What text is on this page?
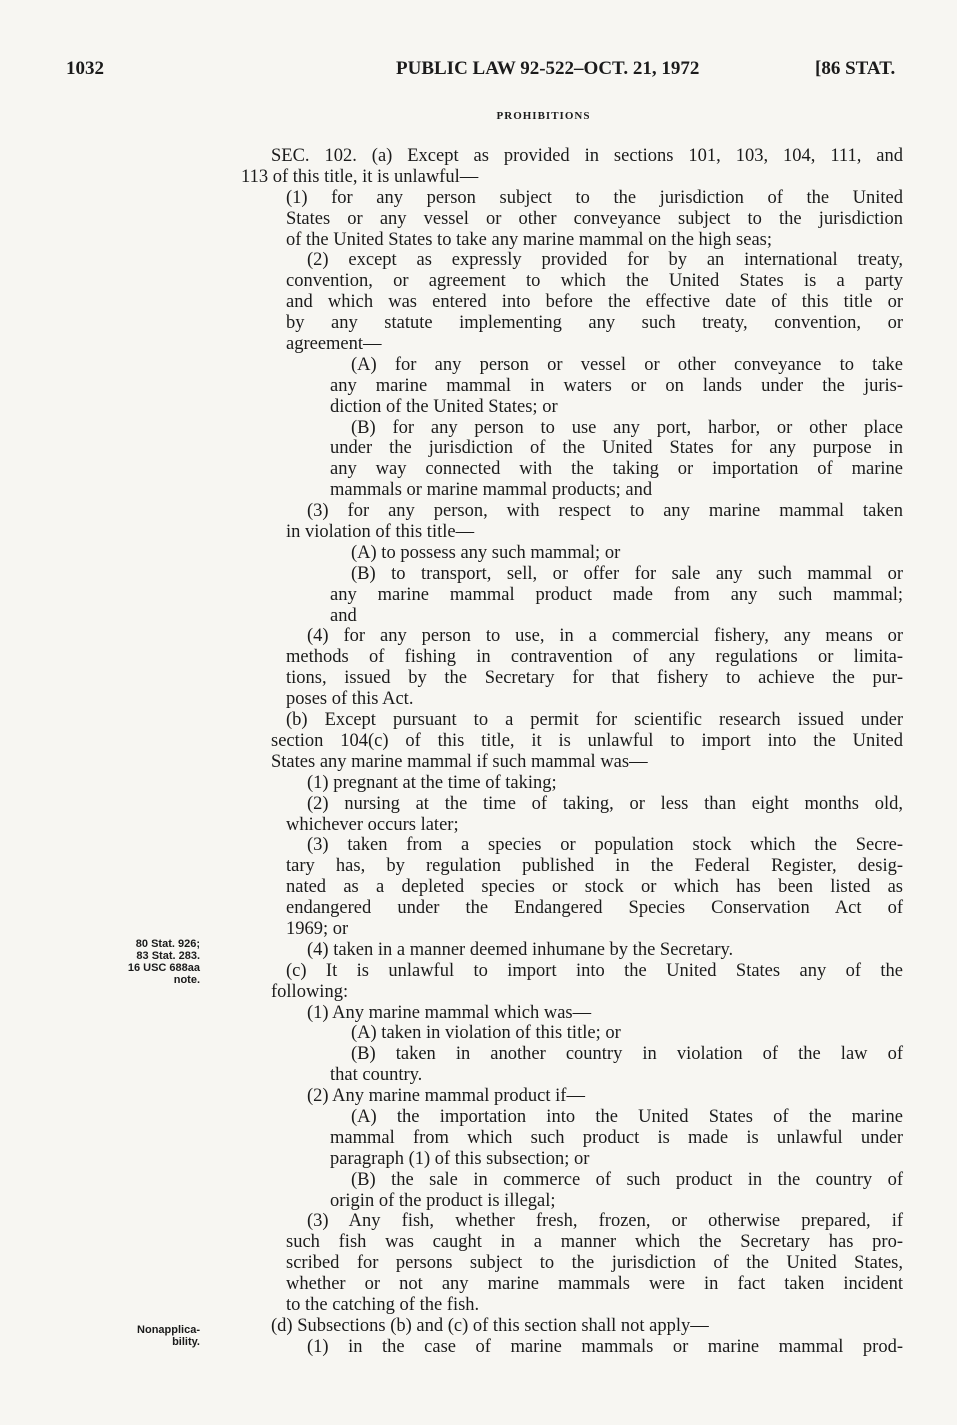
1032	PUBLIC LAW 92-522–OCT. 21, 1972	[86 STAT.
PROHIBITIONS
80 Stat. 926;
83 Stat. 283.
16 USC 688aa
note.
Nonapplica-
bility.
SEC. 102. (a) Except as provided in sections 101, 103, 104, 111, and
113 of this title, it is unlawful—
(1) for any person subject to the jurisdiction of the United
States or any vessel or other conveyance subject to the jurisdiction
of the United States to take any marine mammal on the high seas;
(2) except as expressly provided for by an international treaty,
convention, or agreement to which the United States is a party
and which was entered into before the effective date of this title or
by any statute implementing any such treaty, convention, or
agreement—
(A) for any person or vessel or other conveyance to take
any marine mammal in waters or on lands under the juris-
diction of the United States; or
(B) for any person to use any port, harbor, or other place
under the jurisdiction of the United States for any purpose in
any way connected with the taking or importation of marine
mammals or marine mammal products; and
(3) for any person, with respect to any marine mammal taken
in violation of this title—
(A) to possess any such mammal; or
(B) to transport, sell, or offer for sale any such mammal or
any marine mammal product made from any such mammal;
and
(4) for any person to use, in a commercial fishery, any means or
methods of fishing in contravention of any regulations or limita-
tions, issued by the Secretary for that fishery to achieve the pur-
poses of this Act.
(b) Except pursuant to a permit for scientific research issued under
section 104(c) of this title, it is unlawful to import into the United
States any marine mammal if such mammal was—
(1) pregnant at the time of taking;
(2) nursing at the time of taking, or less than eight months old,
whichever occurs later;
(3) taken from a species or population stock which the Secre-
tary has, by regulation published in the Federal Register, desig-
nated as a depleted species or stock or which has been listed as
endangered under the Endangered Species Conservation Act of
1969; or
(4) taken in a manner deemed inhumane by the Secretary.
(c) It is unlawful to import into the United States any of the
following:
(1) Any marine mammal which was—
(A) taken in violation of this title; or
(B) taken in another country in violation of the law of
that country.
(2) Any marine mammal product if—
(A) the importation into the United States of the marine
mammal from which such product is made is unlawful under
paragraph (1) of this subsection; or
(B) the sale in commerce of such product in the country of
origin of the product is illegal;
(3) Any fish, whether fresh, frozen, or otherwise prepared, if
such fish was caught in a manner which the Secretary has pro-
scribed for persons subject to the jurisdiction of the United States,
whether or not any marine mammals were in fact taken incident
to the catching of the fish.
(d) Subsections (b) and (c) of this section shall not apply—
(1) in the case of marine mammals or marine mammal prod-
